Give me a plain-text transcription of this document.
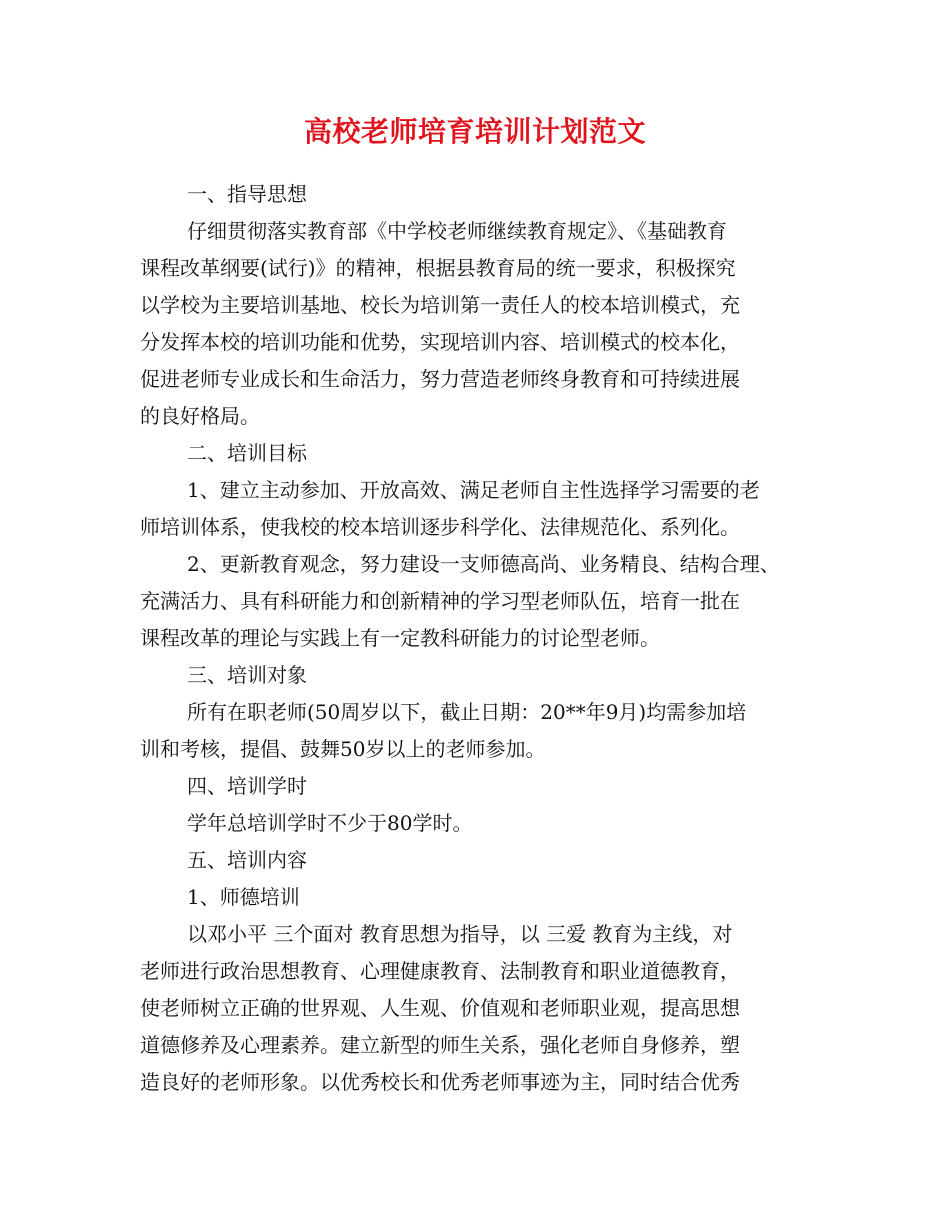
高校老师培育培训计划范文
一、指导思想
仔细贯彻落实教育部《中学校老师继续教育规定》、《基础教育
课程改革纲要(试行)》的精神，根据县教育局的统一要求，积极探究
以学校为主要培训基地、校长为培训第一责任人的校本培训模式，充
分发挥本校的培训功能和优势，实现培训内容、培训模式的校本化，
促进老师专业成长和生命活力，努力营造老师终身教育和可持续进展
的良好格局。
二、培训目标
1、建立主动参加、开放高效、满足老师自主性选择学习需要的老
师培训体系，使我校的校本培训逐步科学化、法律规范化、系列化。
2、更新教育观念，努力建设一支师德高尚、业务精良、结构合理、
充满活力、具有科研能力和创新精神的学习型老师队伍，培育一批在
课程改革的理论与实践上有一定教科研能力的讨论型老师。
三、培训对象
所有在职老师(50周岁以下，截止日期：20**年9月)均需参加培
训和考核，提倡、鼓舞50岁以上的老师参加。
四、培训学时
学年总培训学时不少于80学时。
五、培训内容
1、师德培训
以邓小平 三个面对 教育思想为指导，以 三爱 教育为主线，对
老师进行政治思想教育、心理健康教育、法制教育和职业道德教育，
使老师树立正确的世界观、人生观、价值观和老师职业观，提高思想
道德修养及心理素养。建立新型的师生关系，强化老师自身修养，塑
造良好的老师形象。以优秀校长和优秀老师事迹为主，同时结合优秀
